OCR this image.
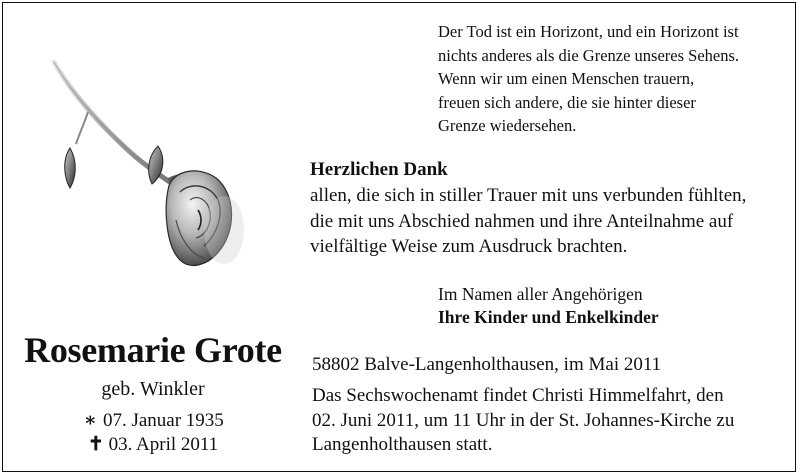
Der Tod ist ein Horizont, und ein Horizont ist
nichts anderes als die Grenze unseres Sehens.
Wenn wir um einen Menschen trauern,
freuen sich andere, die sie hinter dieser
Grenze wiedersehen.
Herzlichen Dank
allen, die sich in stiller Trauer mit uns verbunden fühlten,
die mit uns Abschied nahmen und ihre Anteilnahme auf
vielfältige Weise zum Ausdruck brachten.
Im Namen aller Angehörigen
Ihre Kinder und Enkelkinder
Rosemarie Grote
geb. Winkler
∗ 07. Januar 1935
✝ 03. April 2011
58802 Balve-Langenholthausen, im Mai 2011
Das Sechswochenamt findet Christi Himmelfahrt, den
02. Juni 2011, um 11 Uhr in der St. Johannes-Kirche zu
Langenholthausen statt.
